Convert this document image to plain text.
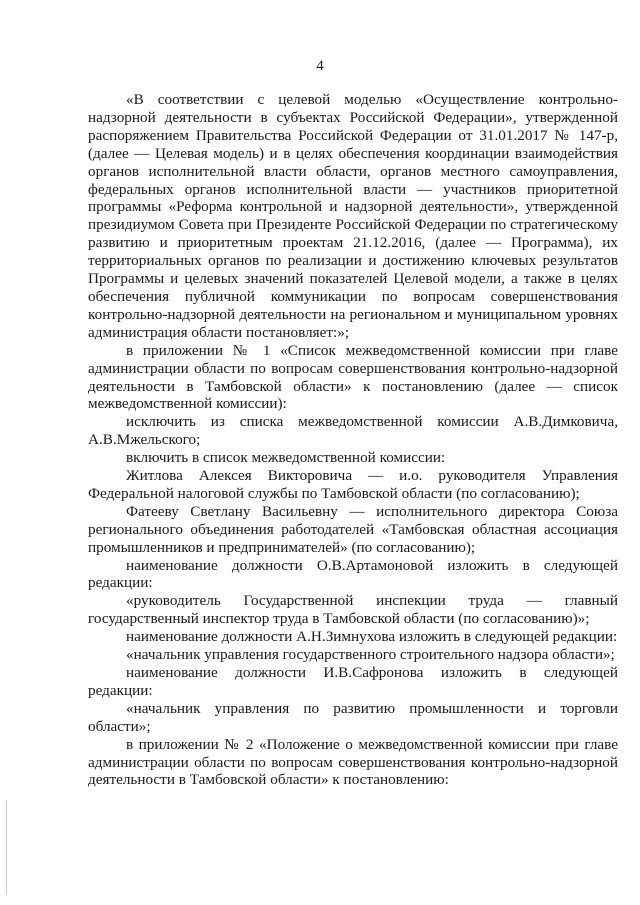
4

«В соответствии с целевой моделью «Осуществление контрольно-надзорной деятельности в субъектах Российской Федерации», утвержденной распоряжением Правительства Российской Федерации от 31.01.2017 № 147-р, (далее — Целевая модель) и в целях обеспечения координации взаимодействия органов исполнительной власти области, органов местного самоуправления, федеральных органов исполнительной власти — участников приоритетной программы «Реформа контрольной и надзорной деятельности», утвержденной президиумом Совета при Президенте Российской Федерации по стратегическому развитию и приоритетным проектам 21.12.2016, (далее — Программа), их территориальных органов по реализации и достижению ключевых результатов Программы и целевых значений показателей Целевой модели, а также в целях обеспечения публичной коммуникации по вопросам совершенствования контрольно-надзорной деятельности на региональном и муниципальном уровнях администрация области постановляет:»;

в приложении № 1 «Список межведомственной комиссии при главе администрации области по вопросам совершенствования контрольно-надзорной деятельности в Тамбовской области» к постановлению (далее — список межведомственной комиссии):

исключить из списка межведомственной комиссии А.В.Димковича, А.В.Мжельского;

включить в список межведомственной комиссии:

Житлова Алексея Викторовича — и.о. руководителя Управления Федеральной налоговой службы по Тамбовской области (по согласованию);

Фатееву Светлану Васильевну — исполнительного директора Союза регионального объединения работодателей «Тамбовская областная ассоциация промышленников и предпринимателей» (по согласованию);

наименование должности О.В.Артамоновой изложить в следующей редакции:

«руководитель Государственной инспекции труда — главный государственный инспектор труда в Тамбовской области (по согласованию)»;

наименование должности А.Н.Зимнухова изложить в следующей редакции:

«начальник управления государственного строительного надзора области»;

наименование должности И.В.Сафронова изложить в следующей редакции:

«начальник управления по развитию промышленности и торговли области»;

в приложении № 2 «Положение о межведомственной комиссии при главе администрации области по вопросам совершенствования контрольно-надзорной деятельности в Тамбовской области» к постановлению:
